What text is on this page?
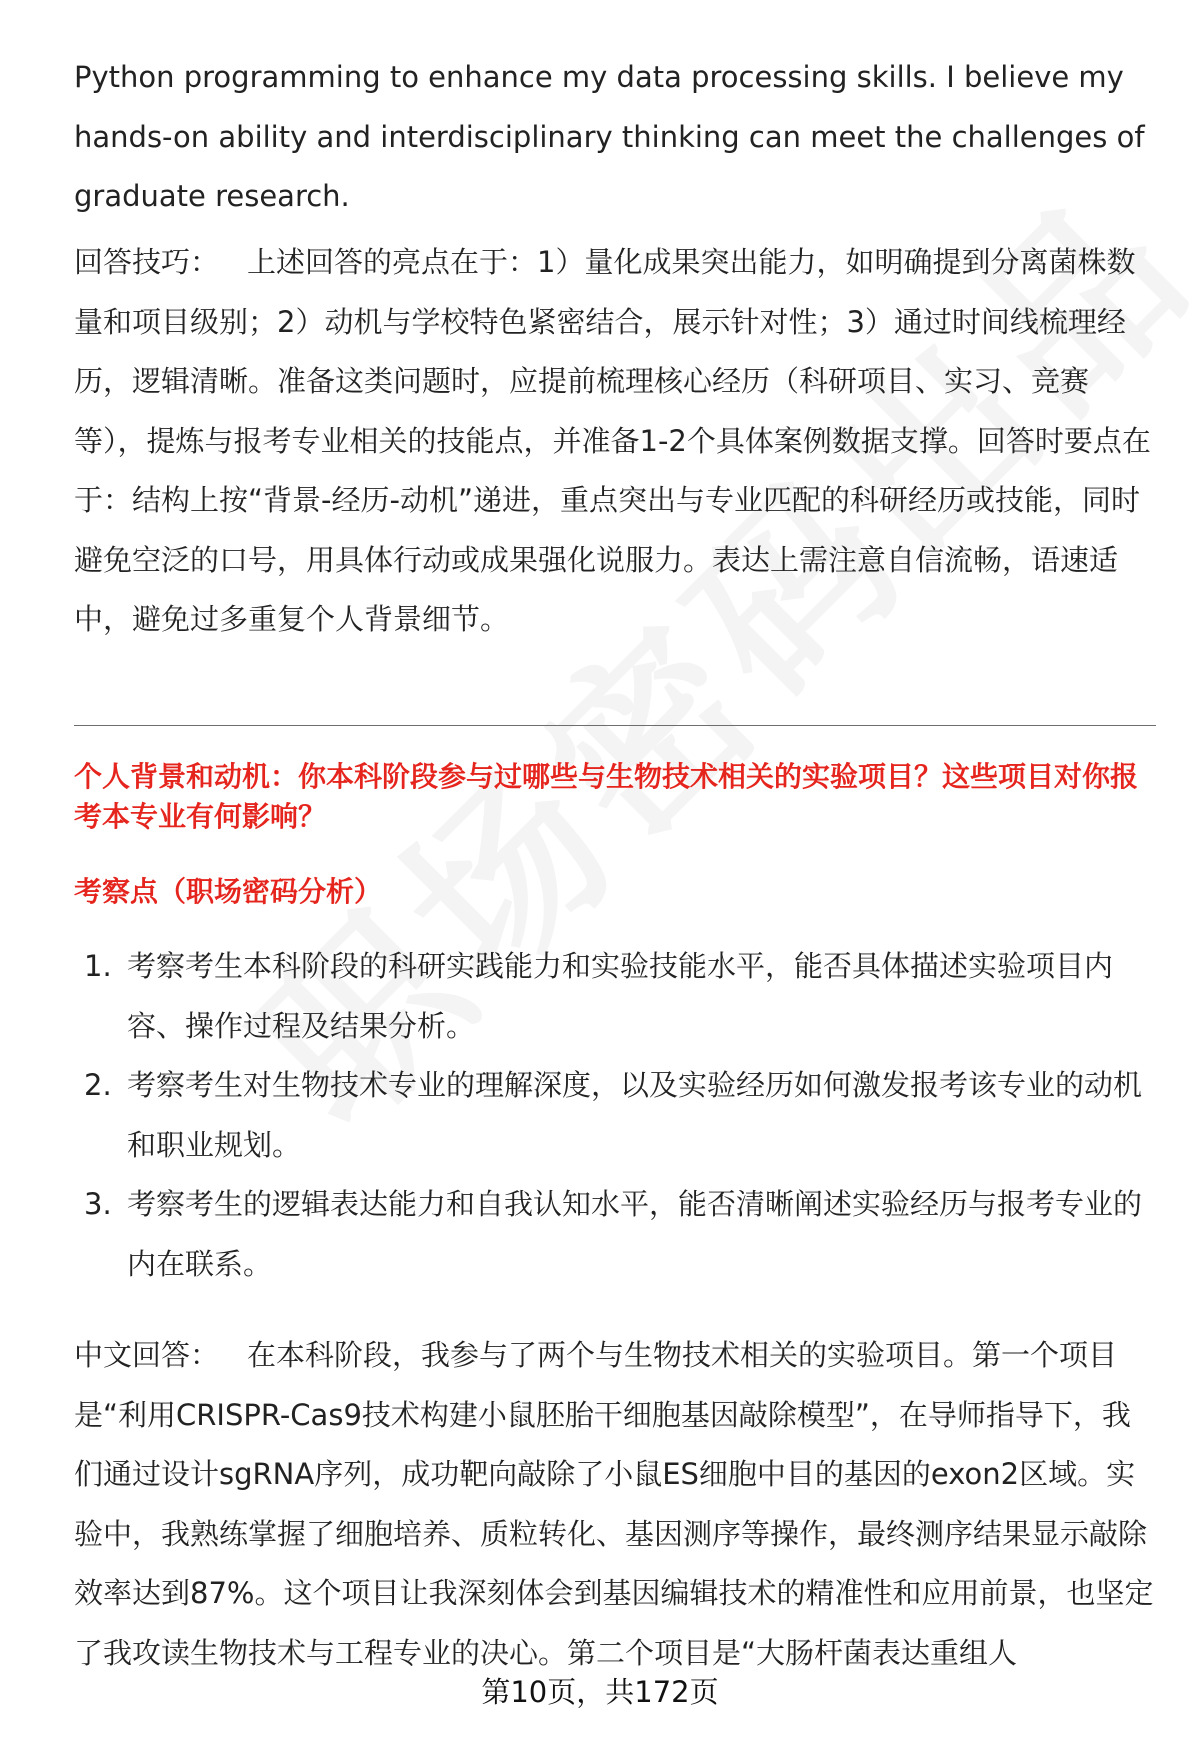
Python programming to enhance my data processing skills. I believe my hands-on ability and interdisciplinary thinking can meet the challenges of graduate research.

回答技巧： 上述回答的亮点在于：1）量化成果突出能力，如明确提到分离菌株数量和项目级别；2）动机与学校特色紧密结合，展示针对性；3）通过时间线梳理经历，逻辑清晰。准备这类问题时，应提前梳理核心经历（科研项目、实习、竞赛等），提炼与报考专业相关的技能点，并准备1-2个具体案例数据支撑。回答时要点在于：结构上按“背景-经历-动机”递进，重点突出与专业匹配的科研经历或技能，同时避免空泛的口号，用具体行动或成果强化说服力。表达上需注意自信流畅，语速适中，避免过多重复个人背景细节。

个人背景和动机：你本科阶段参与过哪些与生物技术相关的实验项目？这些项目对你报考本专业有何影响？

考察点（职场密码分析）

1. 考察考生本科阶段的科研实践能力和实验技能水平，能否具体描述实验项目内容、操作过程及结果分析。
2. 考察考生对生物技术专业的理解深度，以及实验经历如何激发报考该专业的动机和职业规划。
3. 考察考生的逻辑表达能力和自我认知水平，能否清晰阐述实验经历与报考专业的内在联系。

中文回答： 在本科阶段，我参与了两个与生物技术相关的实验项目。第一个项目是“利用CRISPR-Cas9技术构建小鼠胚胎干细胞基因敲除模型”，在导师指导下，我们通过设计sgRNA序列，成功靶向敲除了小鼠ES细胞中目的基因的exon2区域。实验中，我熟练掌握了细胞培养、质粒转化、基因测序等操作，最终测序结果显示敲除效率达到87%。这个项目让我深刻体会到基因编辑技术的精准性和应用前景，也坚定了我攻读生物技术与工程专业的决心。第二个项目是“大肠杆菌表达重组人

第10页，共172页
